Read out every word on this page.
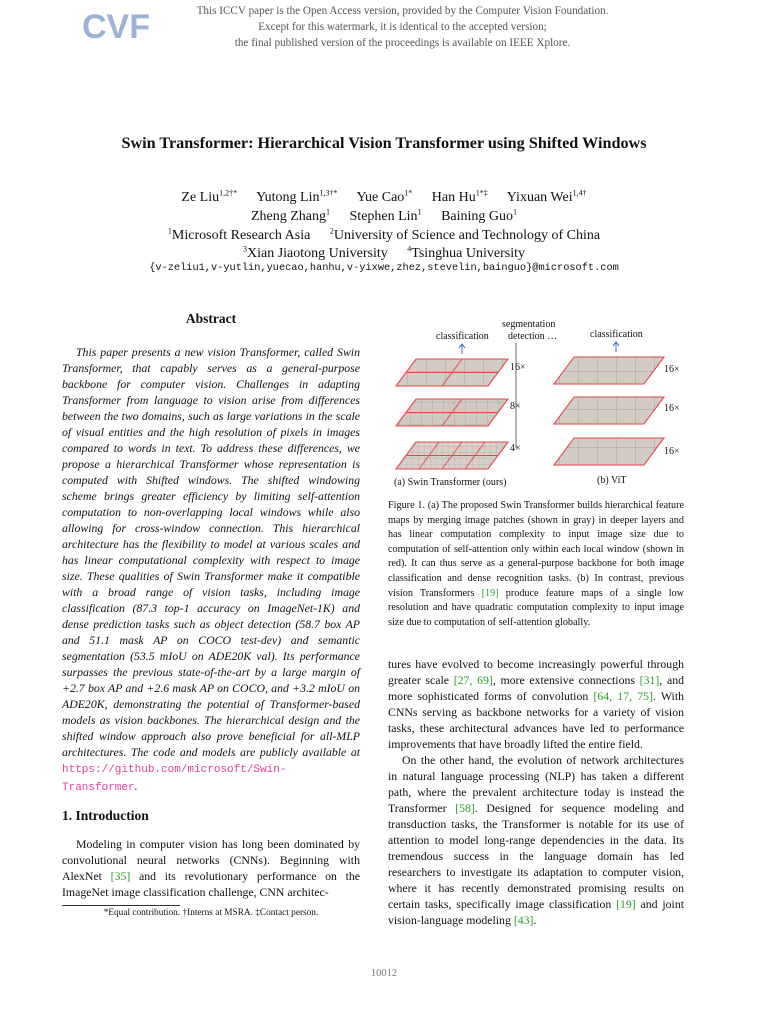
CVF	This ICCV paper is the Open Access version, provided by the Computer Vision Foundation.
Except for this watermark, it is identical to the accepted version;
the final published version of the proceedings is available on IEEE Xplore.
Swin Transformer: Hierarchical Vision Transformer using Shifted Windows
Ze Liu$^{1,2\dagger*}$ Yutong Lin$^{1,3\dagger*}$ Yue Cao$^{1*}$ Han $Hu^{1*\ddagger}$ Yixuan Wei$^{1,4\dagger}$
Zheng Zhang$^1$ Stephen Lin$^1$ Baining Guo$^1$
$^1$Microsoft Research Asia $^2$University of Science and Technology of China
$^3$Xian Jiaotong University $^4$Tsinghua University
{v-zeliu1,v-yutlin,yuecao,hanhu,v-yixwe,zhez,stevelin,bainguo}@microsoft.com
Abstract

This paper presents a new vision Transformer, called Swin Transformer, that capably serves as a general-purpose backbone for computer vision. Challenges in adapting Transformer from language to vision arise from differences between the two domains, such as large variations in the scale of visual entities and the high resolution of pixels in images compared to words in text. To address these differences, we propose a hierarchical Transformer whose representation is computed with Shifted windows. The shifted windowing scheme brings greater efficiency by limiting self-attention computation to non-overlapping local windows while also allowing for cross-window connection. This hierarchical architecture has the flexibility to model at various scales and has linear computational complexity with respect to image size. These qualities of Swin Transformer make it compatible with a broad range of vision tasks, including image classification (87.3 top-1 accuracy on ImageNet-1K) and dense prediction tasks such as object detection (58.7 box AP and 51.1 mask AP on COCO test-dev) and semantic segmentation (53.5 mIoU on ADE20K val). Its performance surpasses the previous state-of-the-art by a large margin of +2.7 box AP and +2.6 mask AP on COCO, and +3.2 mIoU on ADE20K, demonstrating the potential of Transformer-based models as vision backbones. The hierarchical design and the shifted window approach also prove beneficial for all-MLP architectures. The code and models are publicly available at https://github.com/microsoft/Swin-Transformer.

1. Introduction

Modeling in computer vision has long been dominated by convolutional neural networks (CNNs). Beginning with AlexNet [35] and its revolutionary performance on the ImageNet image classification challenge, CNN architec-

*Equal contribution. †Interns at MSRA. ‡Contact person.
classification
segmentation
detection …	classification
16×
8×
4×
16×
16×
16×
(a) Swin Transformer (ours)	(b) ViT
Figure 1. (a) The proposed Swin Transformer builds hierarchical feature maps by merging image patches (shown in gray) in deeper layers and has linear computation complexity to input image size due to computation of self-attention only within each local window (shown in red). It can thus serve as a general-purpose backbone for both image classification and dense recognition tasks. (b) In contrast, previous vision Transformers [19] produce feature maps of a single low resolution and have quadratic computation complexity to input image size due to computation of self-attention globally.

tures have evolved to become increasingly powerful through greater scale [27, 69], more extensive connections [31], and more sophisticated forms of convolution [64, 17, 75]. With CNNs serving as backbone networks for a variety of vision tasks, these architectural advances have led to performance improvements that have broadly lifted the entire field.

On the other hand, the evolution of network architectures in natural language processing (NLP) has taken a different path, where the prevalent architecture today is instead the Transformer [58]. Designed for sequence modeling and transduction tasks, the Transformer is notable for its use of attention to model long-range dependencies in the data. Its tremendous success in the language domain has led researchers to investigate its adaptation to computer vision, where it has recently demonstrated promising results on certain tasks, specifically image classification [19] and joint vision-language modeling [43].

10012
